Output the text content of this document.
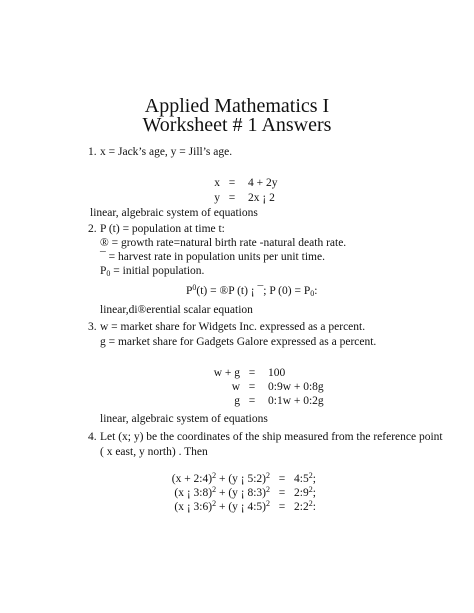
Applied Mathematics I
Worksheet # 1 Answers
1. x = Jack’s age, y = Jill’s age.
x =	4 + 2y
y =	2x ¡ 2
linear, algebraic system of equations
2. P (t) = population at time t:
® = growth rate=natural birth rate -natural death rate.
¯ = harvest rate in population units per unit time.
$P_0$ = initial population.
$P^0(t)$ = ®P (t) ¡ ¯; P $(0) = P_0$:
linear,di®erential scalar equation
3. w = market share for Widgets Inc. expressed as a percent.
g = market share for Gadgets Galore expressed as a percent.
w + g =	100
w =	0:9w + 0:8g
g =	0:1w + 0:2g
linear, algebraic system of equations
4. Let (x; y) be the coordinates of the ship measured from the reference point
( x east, y north) . Then
(x + 2:4)$^2$ + (y ¡ 5:2)$^2$ = $4:5^2$;
(x ¡ 3:8)$^2$ + (y ¡ 8:3)$^2$ = $2:9^2$;
(x ¡ 3:6)$^2$ + (y ¡ 4:5)$^2$ = $2:2^2$:
